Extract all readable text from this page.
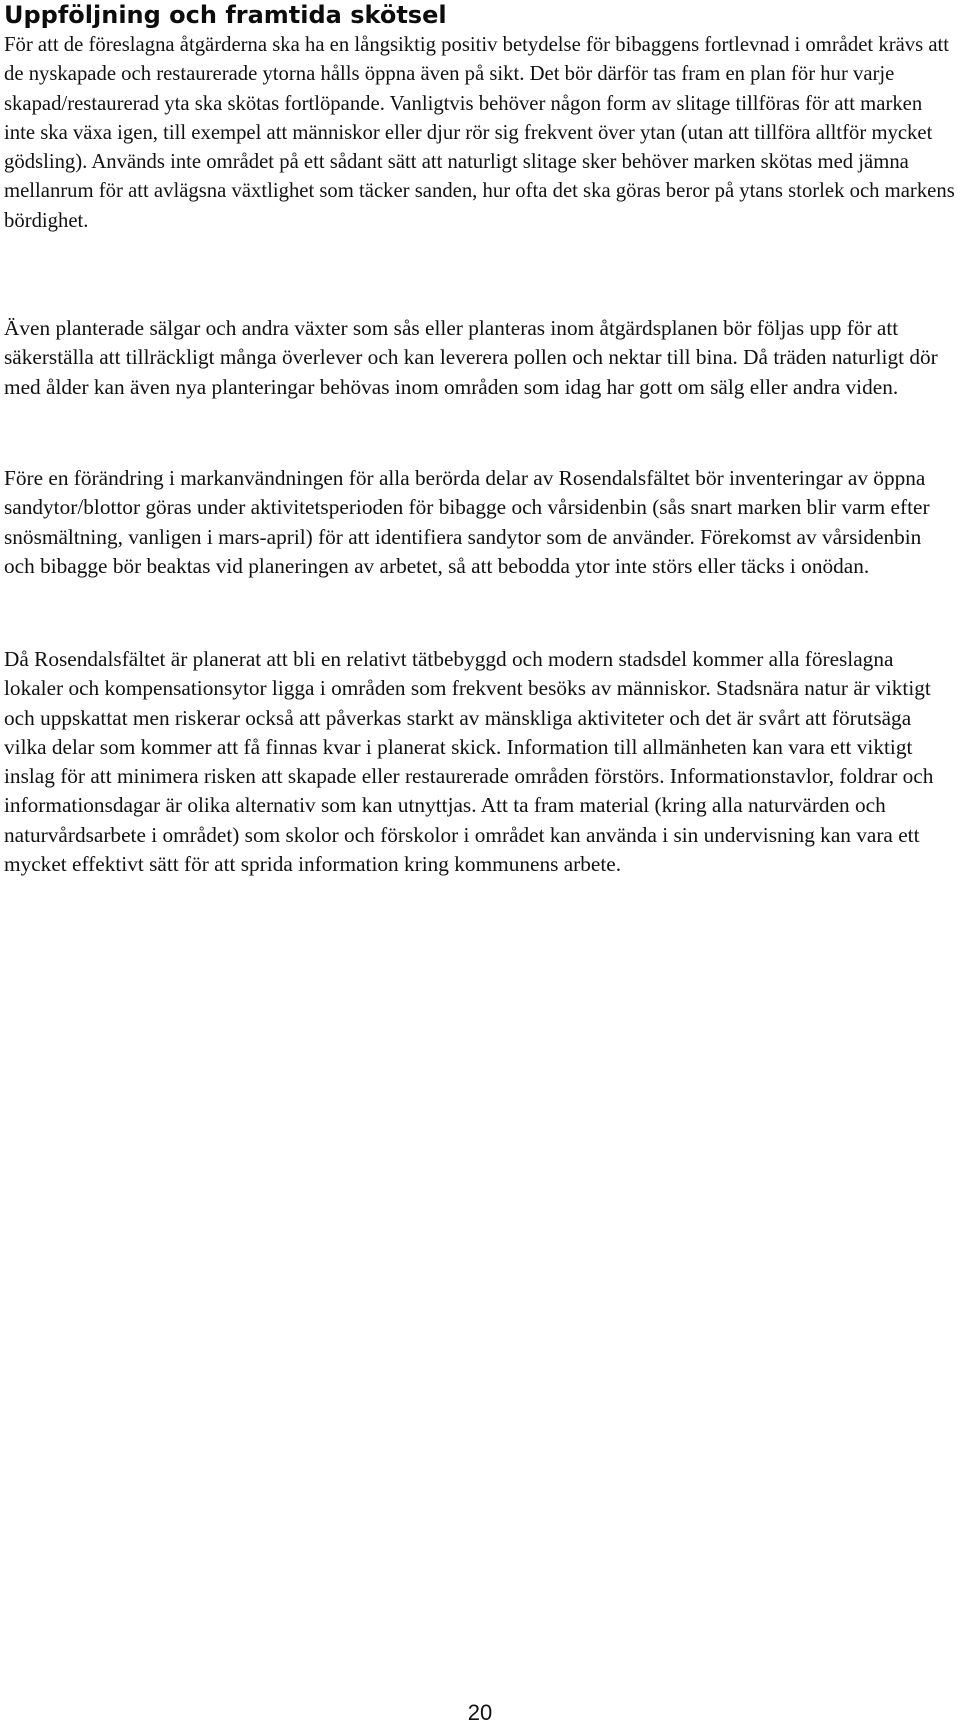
Uppföljning och framtida skötsel

För att de föreslagna åtgärderna ska ha en långsiktig positiv betydelse för bibaggens fortlevnad i området krävs att de nyskapade och restaurerade ytorna hålls öppna även på sikt. Det bör därför tas fram en plan för hur varje skapad/restaurerad yta ska skötas fortlöpande. Vanligtvis behöver någon form av slitage tillföras för att marken inte ska växa igen, till exempel att människor eller djur rör sig frekvent över ytan (utan att tillföra alltför mycket gödsling). Används inte området på ett sådant sätt att naturligt slitage sker behöver marken skötas med jämna mellanrum för att avlägsna växtlighet som täcker sanden, hur ofta det ska göras beror på ytans storlek och markens bördighet.

Även planterade sälgar och andra växter som sås eller planteras inom åtgärdsplanen bör följas upp för att säkerställa att tillräckligt många överlever och kan leverera pollen och nektar till bina. Då träden naturligt dör med ålder kan även nya planteringar behövas inom områden som idag har gott om sälg eller andra viden.

Före en förändring i markanvändningen för alla berörda delar av Rosendalsfältet bör inventeringar av öppna sandytor/blottor göras under aktivitetsperioden för bibagge och vårsidenbin (sås snart marken blir varm efter snösmältning, vanligen i mars-april) för att identifiera sandytor som de använder. Förekomst av vårsidenbin och bibagge bör beaktas vid planeringen av arbetet, så att bebodda ytor inte störs eller täcks i onödan.

Då Rosendalsfältet är planerat att bli en relativt tätbebyggd och modern stadsdel kommer alla föreslagna lokaler och kompensationsytor ligga i områden som frekvent besöks av människor. Stadsnära natur är viktigt och uppskattat men riskerar också att påverkas starkt av mänskliga aktiviteter och det är svårt att förutsäga vilka delar som kommer att få finnas kvar i planerat skick. Information till allmänheten kan vara ett viktigt inslag för att minimera risken att skapade eller restaurerade områden förstörs. Informationstavlor, foldrar och informationsdagar är olika alternativ som kan utnyttjas. Att ta fram material (kring alla naturvärden och naturvårdsarbete i området) som skolor och förskolor i området kan använda i sin undervisning kan vara ett mycket effektivt sätt för att sprida information kring kommunens arbete.

20
